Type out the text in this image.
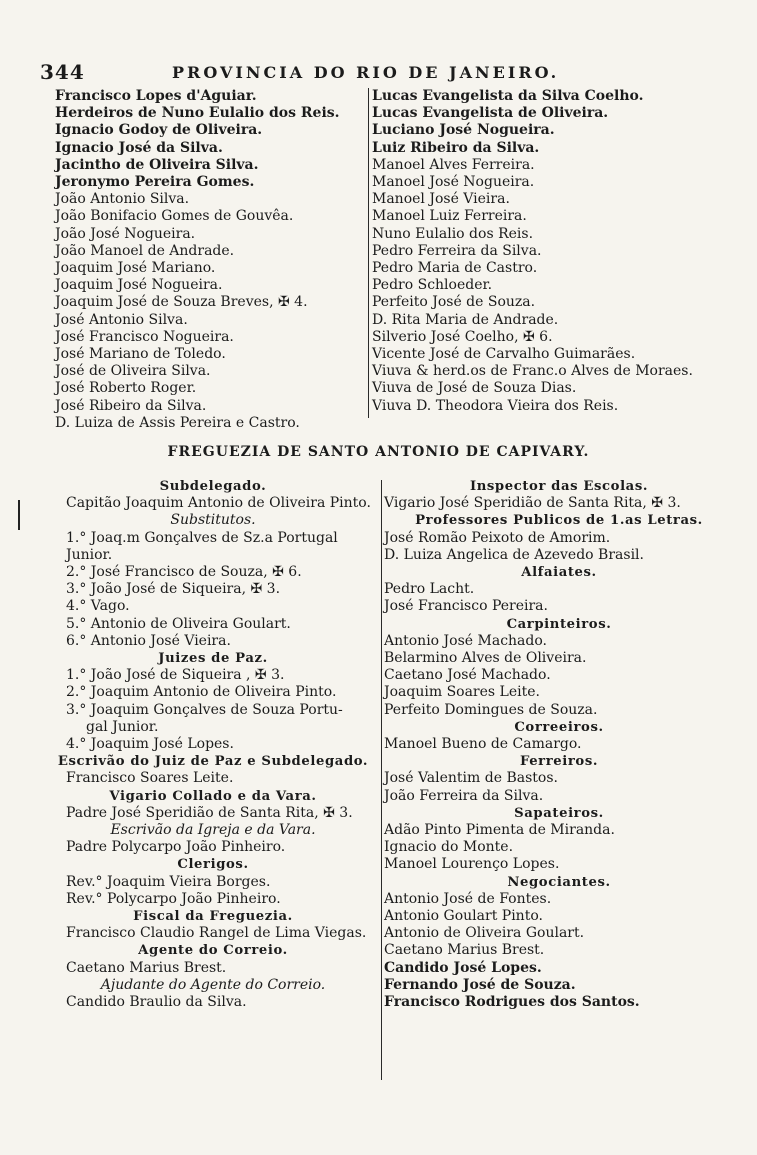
344	PROVINCIA DO RIO DE JANEIRO.
Francisco Lopes d'Aguiar.
Herdeiros de Nuno Eulalio dos Reis.
Ignacio Godoy de Oliveira.
Ignacio José da Silva.
Jacintho de Oliveira Silva.
Jeronymo Pereira Gomes.
João Antonio Silva.
João Bonifacio Gomes de Gouvêa.
João José Nogueira.
João Manoel de Andrade.
Joaquim José Mariano.
Joaquim José Nogueira.
Joaquim José de Souza Breves, ✠ 4.
José Antonio Silva.
José Francisco Nogueira.
José Mariano de Toledo.
José de Oliveira Silva.
José Roberto Roger.
José Ribeiro da Silva.
D. Luiza de Assis Pereira e Castro.
Lucas Evangelista da Silva Coelho.
Lucas Evangelista de Oliveira.
Luciano José Nogueira.
Luiz Ribeiro da Silva.
Manoel Alves Ferreira.
Manoel José Nogueira.
Manoel José Vieira.
Manoel Luiz Ferreira.
Nuno Eulalio dos Reis.
Pedro Ferreira da Silva.
Pedro Maria de Castro.
Pedro Schloeder.
Perfeito José de Souza.
D. Rita Maria de Andrade.
Silverio José Coelho, ✠ 6.
Vicente José de Carvalho Guimarães.
Viuva & herd.os de Franc.o Alves de Moraes.
Viuva de José de Souza Dias.
Viuva D. Theodora Vieira dos Reis.
FREGUEZIA DE SANTO ANTONIO DE CAPIVARY.
Subdelegado.
Capitão Joaquim Antonio de Oliveira Pinto.
Substitutos.
1.° Joaq.m Gonçalves de Sz.a Portugal Junior.
2.° José Francisco de Souza, ✠ 6.
3.° João José de Siqueira, ✠ 3.
4.° Vago.
5.° Antonio de Oliveira Goulart.
6.° Antonio José Vieira.
Juizes de Paz.
1.° João José de Siqueira , ✠ 3.
2.° Joaquim Antonio de Oliveira Pinto.
3.° Joaquim Gonçalves de Souza Portu-
gal Junior.
4.° Joaquim José Lopes.
Escrivão do Juiz de Paz e Subdelegado.
Francisco Soares Leite.
Vigario Collado e da Vara.
Padre José Speridião de Santa Rita, ✠ 3.
Escrivão da Igreja e da Vara.
Padre Polycarpo João Pinheiro.
Clerigos.
Rev.° Joaquim Vieira Borges.
Rev.° Polycarpo João Pinheiro.
Fiscal da Freguezia.
Francisco Claudio Rangel de Lima Viegas.
Agente do Correio.
Caetano Marius Brest.
Ajudante do Agente do Correio.
Candido Braulio da Silva.
Inspector das Escolas.
Vigario José Speridião de Santa Rita, ✠ 3.
Professores Publicos de 1.as Letras.
José Romão Peixoto de Amorim.
D. Luiza Angelica de Azevedo Brasil.
Alfaiates.
Pedro Lacht.
José Francisco Pereira.
Carpinteiros.
Antonio José Machado.
Belarmino Alves de Oliveira.
Caetano José Machado.
Joaquim Soares Leite.
Perfeito Domingues de Souza.
Correeiros.
Manoel Bueno de Camargo.
Ferreiros.
José Valentim de Bastos.
João Ferreira da Silva.
Sapateiros.
Adão Pinto Pimenta de Miranda.
Ignacio do Monte.
Manoel Lourenço Lopes.
Negociantes.
Antonio José de Fontes.
Antonio Goulart Pinto.
Antonio de Oliveira Goulart.
Caetano Marius Brest.
Candido José Lopes.
Fernando José de Souza.
Francisco Rodrigues dos Santos.
